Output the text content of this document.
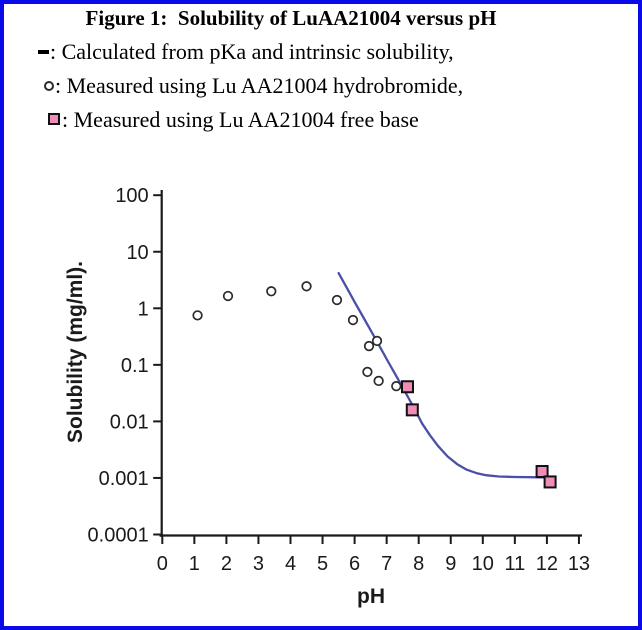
Figure 1:  Solubility of LuAA21004 versus pH
: Calculated from pKa and intrinsic solubility,
: Measured using Lu AA21004 hydrobromide,
: Measured using Lu AA21004 free base
100
10
1
0.1
0.01
0.001
0.0001
0 1 2 3 4 5 6 7 8 9 10 11 12 13
pH
Solubility (mg/ml).
